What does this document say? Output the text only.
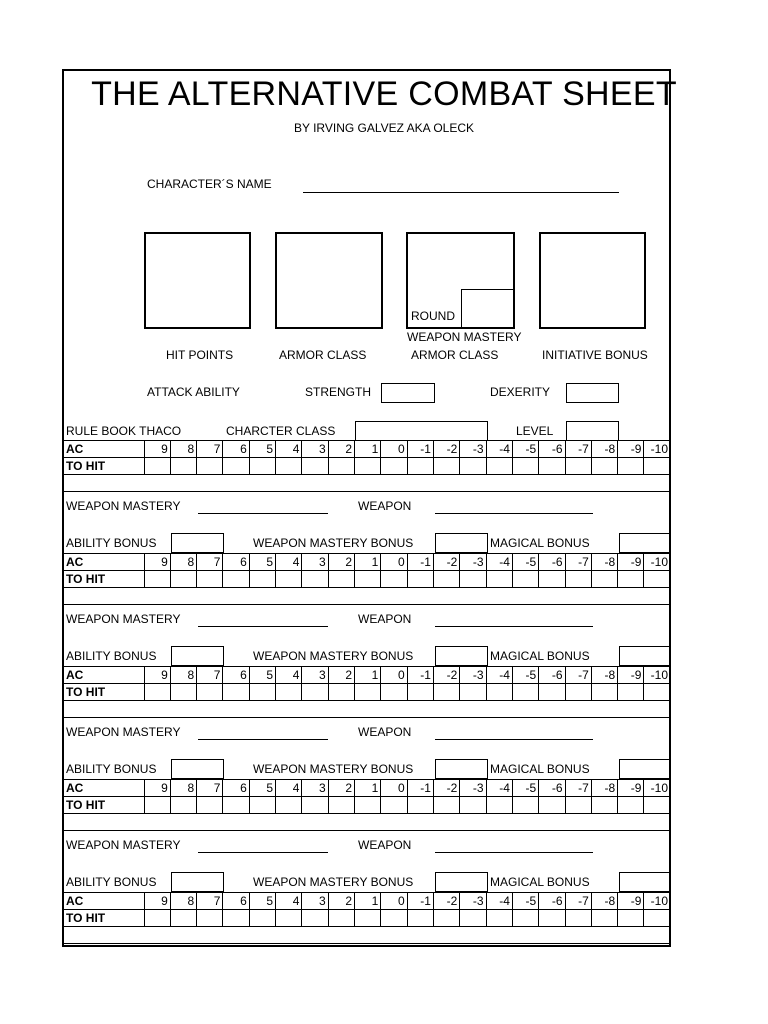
THE ALTERNATIVE COMBAT SHEET
BY IRVING GALVEZ AKA OLECK
CHARACTER´S NAME
ROUND
HIT POINTS	ARMOR CLASS
WEAPON MASTERY
ARMOR CLASS	INITIATIVE BONUS
ATTACK ABILITY	STRENGTH	DEXERITY
RULE BOOK THACO	CHARCTER CLASS	LEVEL
AC	9	8	7	6	5	4	3	2	1	0	-1	-2	-3	-4	-5	-6	-7	-8	-9	-10
TO HIT																				

WEAPON MASTERY	WEAPON
ABILITY BONUS	WEAPON MASTERY BONUS	MAGICAL BONUS
AC	9	8	7	6	5	4	3	2	1	0	-1	-2	-3	-4	-5	-6	-7	-8	-9	-10
TO HIT																				

WEAPON MASTERY	WEAPON
ABILITY BONUS	WEAPON MASTERY BONUS	MAGICAL BONUS
AC	9	8	7	6	5	4	3	2	1	0	-1	-2	-3	-4	-5	-6	-7	-8	-9	-10
TO HIT																				

WEAPON MASTERY	WEAPON
ABILITY BONUS	WEAPON MASTERY BONUS	MAGICAL BONUS
AC	9	8	7	6	5	4	3	2	1	0	-1	-2	-3	-4	-5	-6	-7	-8	-9	-10
TO HIT																				

WEAPON MASTERY	WEAPON
ABILITY BONUS	WEAPON MASTERY BONUS	MAGICAL BONUS
AC	9	8	7	6	5	4	3	2	1	0	-1	-2	-3	-4	-5	-6	-7	-8	-9	-10
TO HIT																				
